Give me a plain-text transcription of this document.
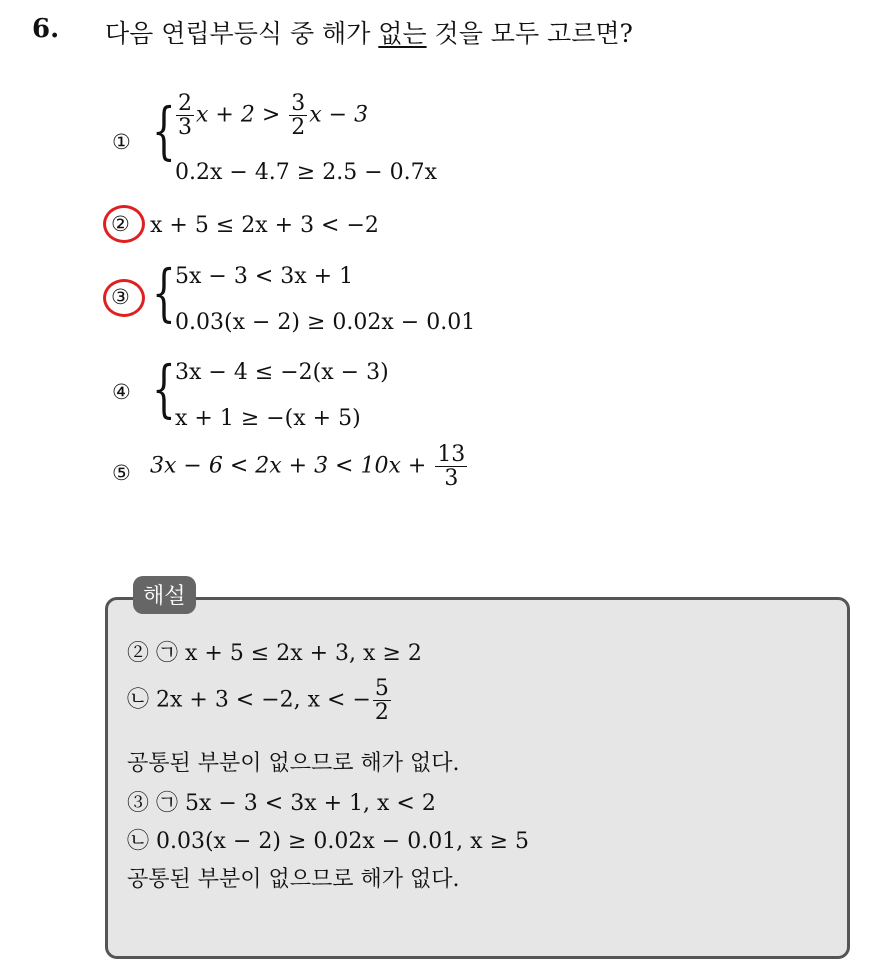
6. 다음 연립부등식 중 해가 없는 것을 모두 고르면?
① { $\frac{2}{3}$ $x + 2 > \frac{3}{2}$ x − 3
0.2x − 4.7 ≥ 2.5 − 0.7x
② x + 5 ≤ 2x + 3 < −2
③ { 5x − 3 < 3x + 1
0.03(x − 2) ≥ 0.02x − 0.01
④ { 3x − 4 ≤ −2(x − 3)
x + 1 ≥ −(x + 5)
⑤ $3x - 6 < 2x + 3 < 10x + \frac{13}{3}$
해설
② ㉠ x + 5 ≤ 2x + 3, x ≥ 2
㉡ 2x + 3 < −2, x < − $\frac{5}{2}$
공통된 부분이 없으므로 해가 없다.
③ ㉠ 5x − 3 < 3x + 1, x < 2
㉡ 0.03(x − 2) ≥ 0.02x − 0.01, x ≥ 5
공통된 부분이 없으므로 해가 없다.
